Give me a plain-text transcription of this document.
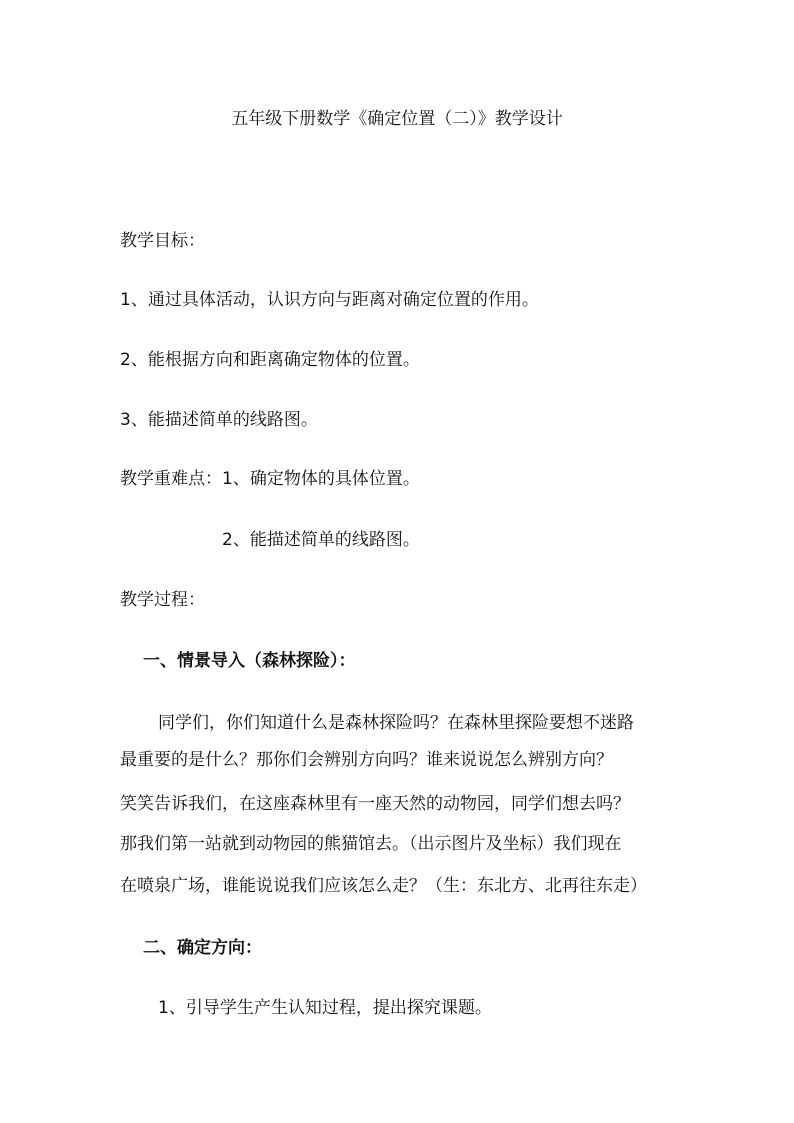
五年级下册数学《确定位置（二）》教学设计
教学目标：
1、通过具体活动，认识方向与距离对确定位置的作用。
2、能根据方向和距离确定物体的位置。
3、能描述简单的线路图。
教学重难点：1、确定物体的具体位置。
2、能描述简单的线路图。
教学过程：
一、情景导入（森林探险）：
同学们，你们知道什么是森林探险吗？在森林里探险要想不迷路
最重要的是什么？那你们会辨别方向吗？谁来说说怎么辨别方向？
笑笑告诉我们，在这座森林里有一座天然的动物园，同学们想去吗？
那我们第一站就到动物园的熊猫馆去。（出示图片及坐标）我们现在
在喷泉广场，谁能说说我们应该怎么走？（生：东北方、北再往东走）
二、确定方向：
1、引导学生产生认知过程，提出探究课题。
